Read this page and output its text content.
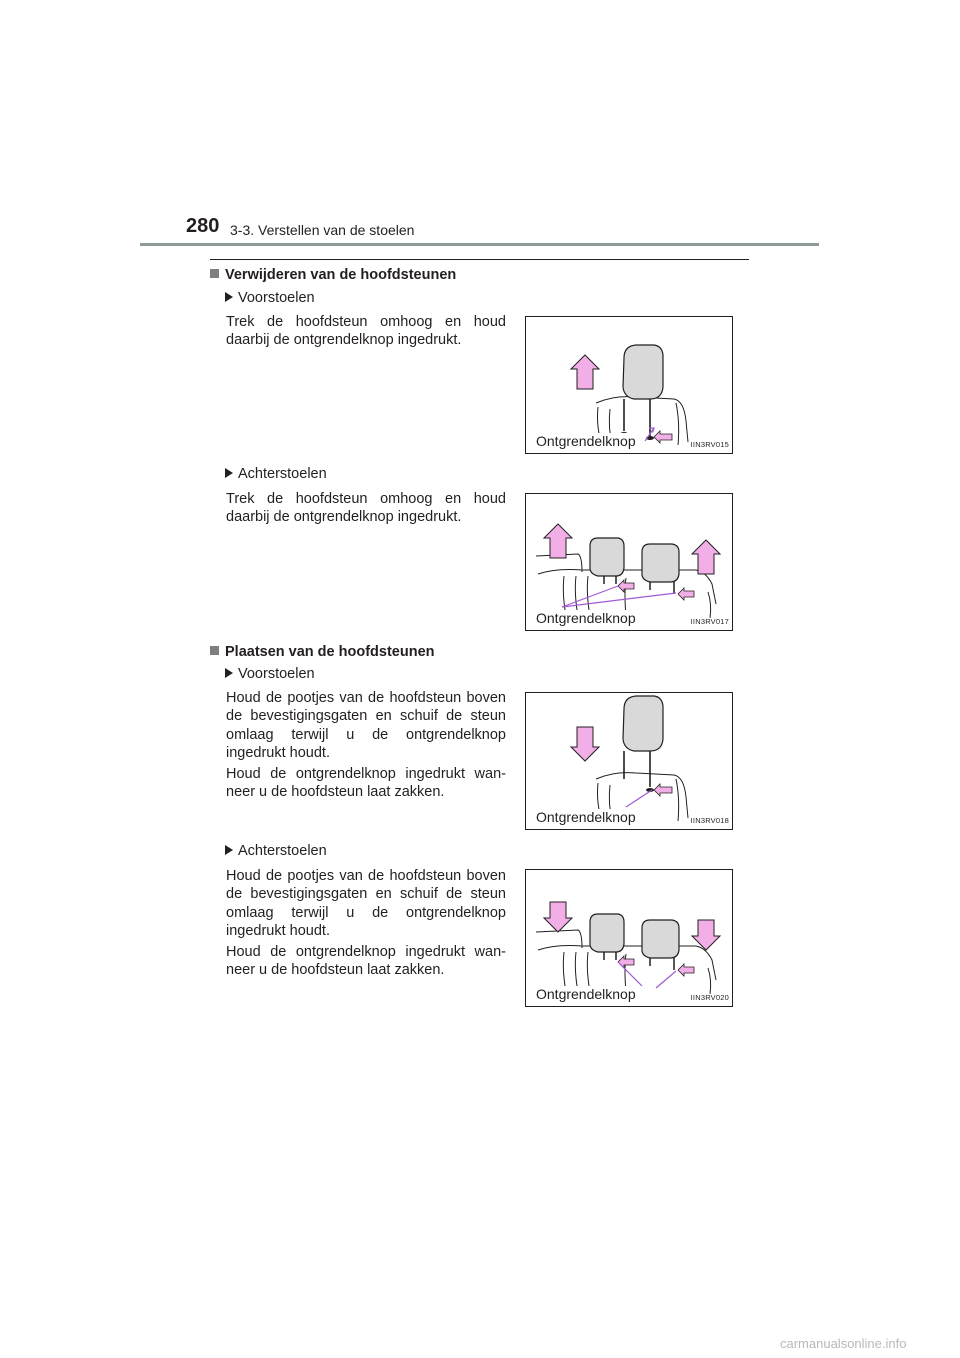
280 3-3. Verstellen van de stoelen
Verwijderen van de hoofdsteunen
Voorstoelen
Trek de hoofdsteun omhoog en houd daarbij de ontgrendelknop ingedrukt.
Ontgrendelknop	IIN3RV015
Achterstoelen
Trek de hoofdsteun omhoog en houd daarbij de ontgrendelknop ingedrukt.
Ontgrendelknop	IIN3RV017
Plaatsen van de hoofdsteunen
Voorstoelen
Houd de pootjes van de hoofdsteun boven de bevestigingsgaten en schuif de steun omlaag terwijl u de ontgrendelknop ingedrukt houdt.
Houd de ontgrendelknop ingedrukt wan-neer u de hoofdsteun laat zakken.
Ontgrendelknop	IIN3RV018
Achterstoelen
Houd de pootjes van de hoofdsteun boven de bevestigingsgaten en schuif de steun omlaag terwijl u de ontgrendelknop ingedrukt houdt.
Houd de ontgrendelknop ingedrukt wan-neer u de hoofdsteun laat zakken.
Ontgrendelknop	IIN3RV020
carmanualsonline.info
